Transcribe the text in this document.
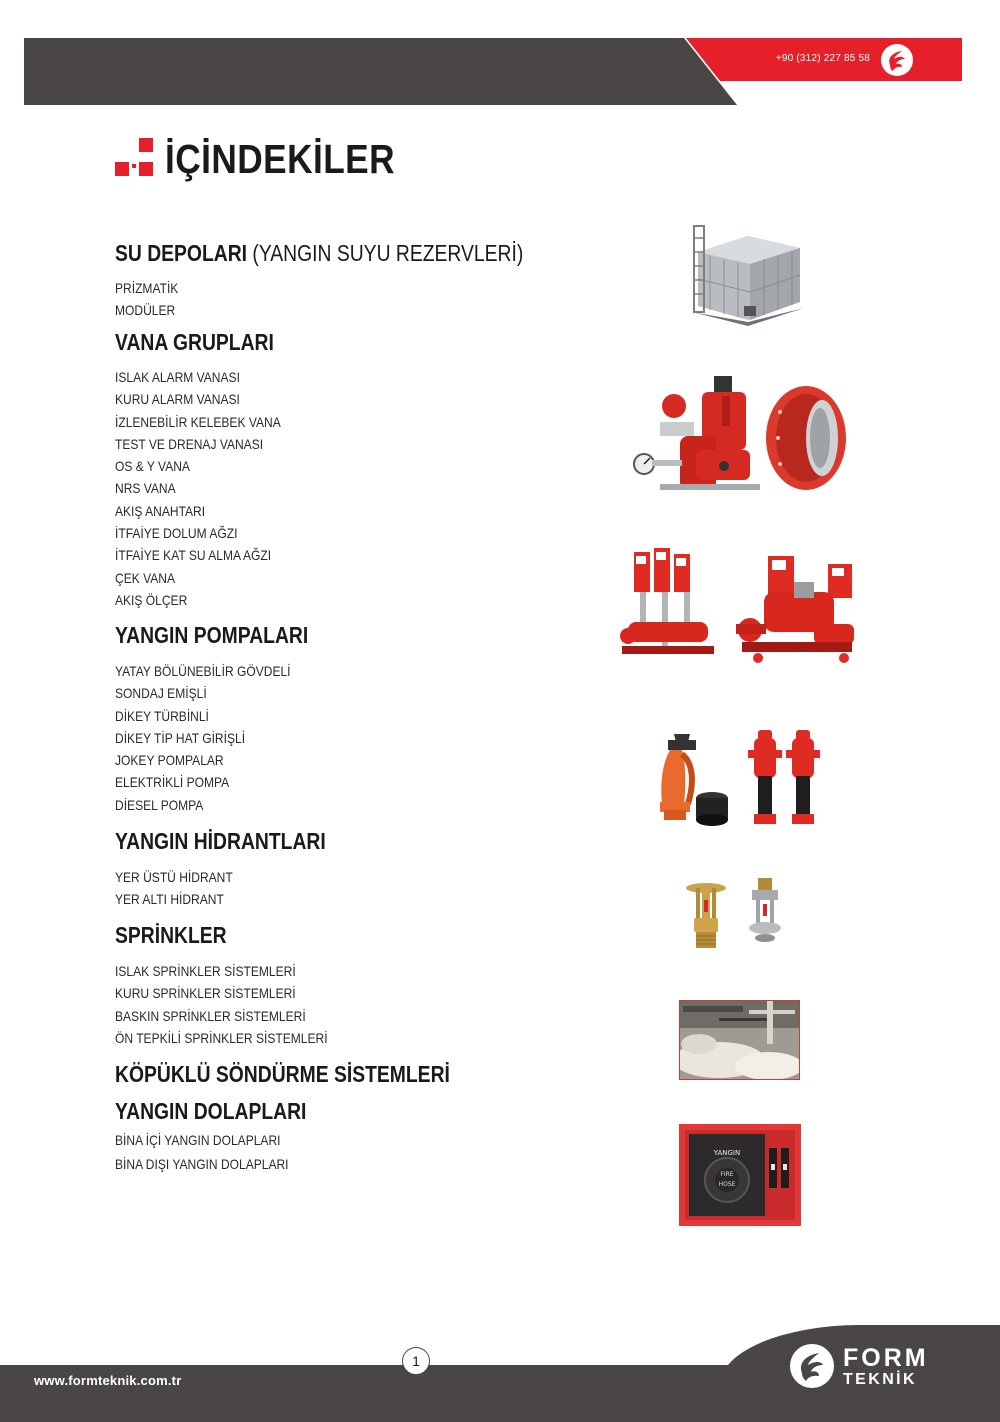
+90 (312) 227 85 58
İÇİNDEKİLER
SU DEPOLARI (YANGIN SUYU REZERVLERİ)
PRİZMATİK
MODÜLER
VANA GRUPLARI
ISLAK ALARM VANASI
KURU ALARM VANASI
İZLENEBİLİR KELEBEK VANA
TEST VE DRENAJ VANASI
OS & Y VANA
NRS VANA
AKIŞ ANAHTARI
İTFAİYE DOLUM AĞZI
İTFAİYE KAT SU ALMA AĞZI
ÇEK VANA
AKIŞ ÖLÇER
YANGIN POMPALARI
YATAY BÖLÜNEBİLİR GÖVDELİ
SONDAJ EMİŞLİ
DİKEY TÜRBİNLİ
DİKEY TİP HAT GİRİŞLİ
JOKEY POMPALAR
ELEKTRİKLİ POMPA
DİESEL POMPA
YANGIN HİDRANTLARI
YER ÜSTÜ HİDRANT
YER ALTI HİDRANT
SPRİNKLER
ISLAK SPRİNKLER SİSTEMLERİ
KURU SPRİNKLER SİSTEMLERİ
BASKIN SPRİNKLER SİSTEMLERİ
ÖN TEPKİLİ SPRİNKLER SİSTEMLERİ
KÖPÜKLÜ SÖNDÜRME SİSTEMLERİ
YANGIN DOLAPLARI
BİNA İÇİ YANGIN DOLAPLARI
BİNA DIŞI YANGIN DOLAPLARI
YANGIN
FIRE
HOSE
www.formteknik.com.tr
1	FORM
TEKNİK
